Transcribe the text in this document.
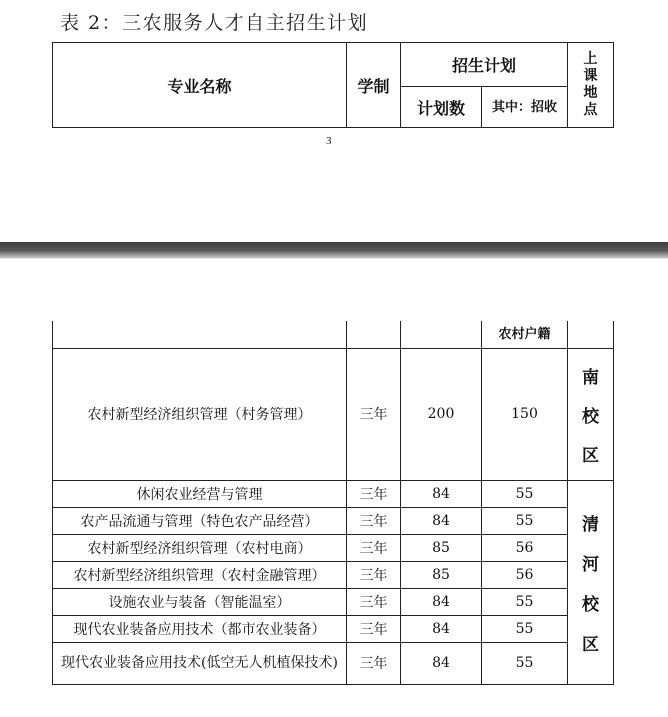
表 2：三农服务人才自主招生计划
专业名称	学制	招生计划		上
课
地
点

		计划数	其中：招收	
3
			农村户籍	
农村新型经济组织管理（村务管理）	三年	200	150	南
校
区

休闲农业经营与管理	三年	84	55	清
河
校
区

农产品流通与管理（特色农产品经营）	三年	84	55	
农村新型经济组织管理（农村电商）	三年	85	56	
农村新型经济组织管理（农村金融管理）	三年	85	56	
设施农业与装备（智能温室）	三年	84	55	
现代农业装备应用技术（都市农业装备）	三年	84	55	
现代农业装备应用技术(低空无人机植保技术)	三年	84	55	
